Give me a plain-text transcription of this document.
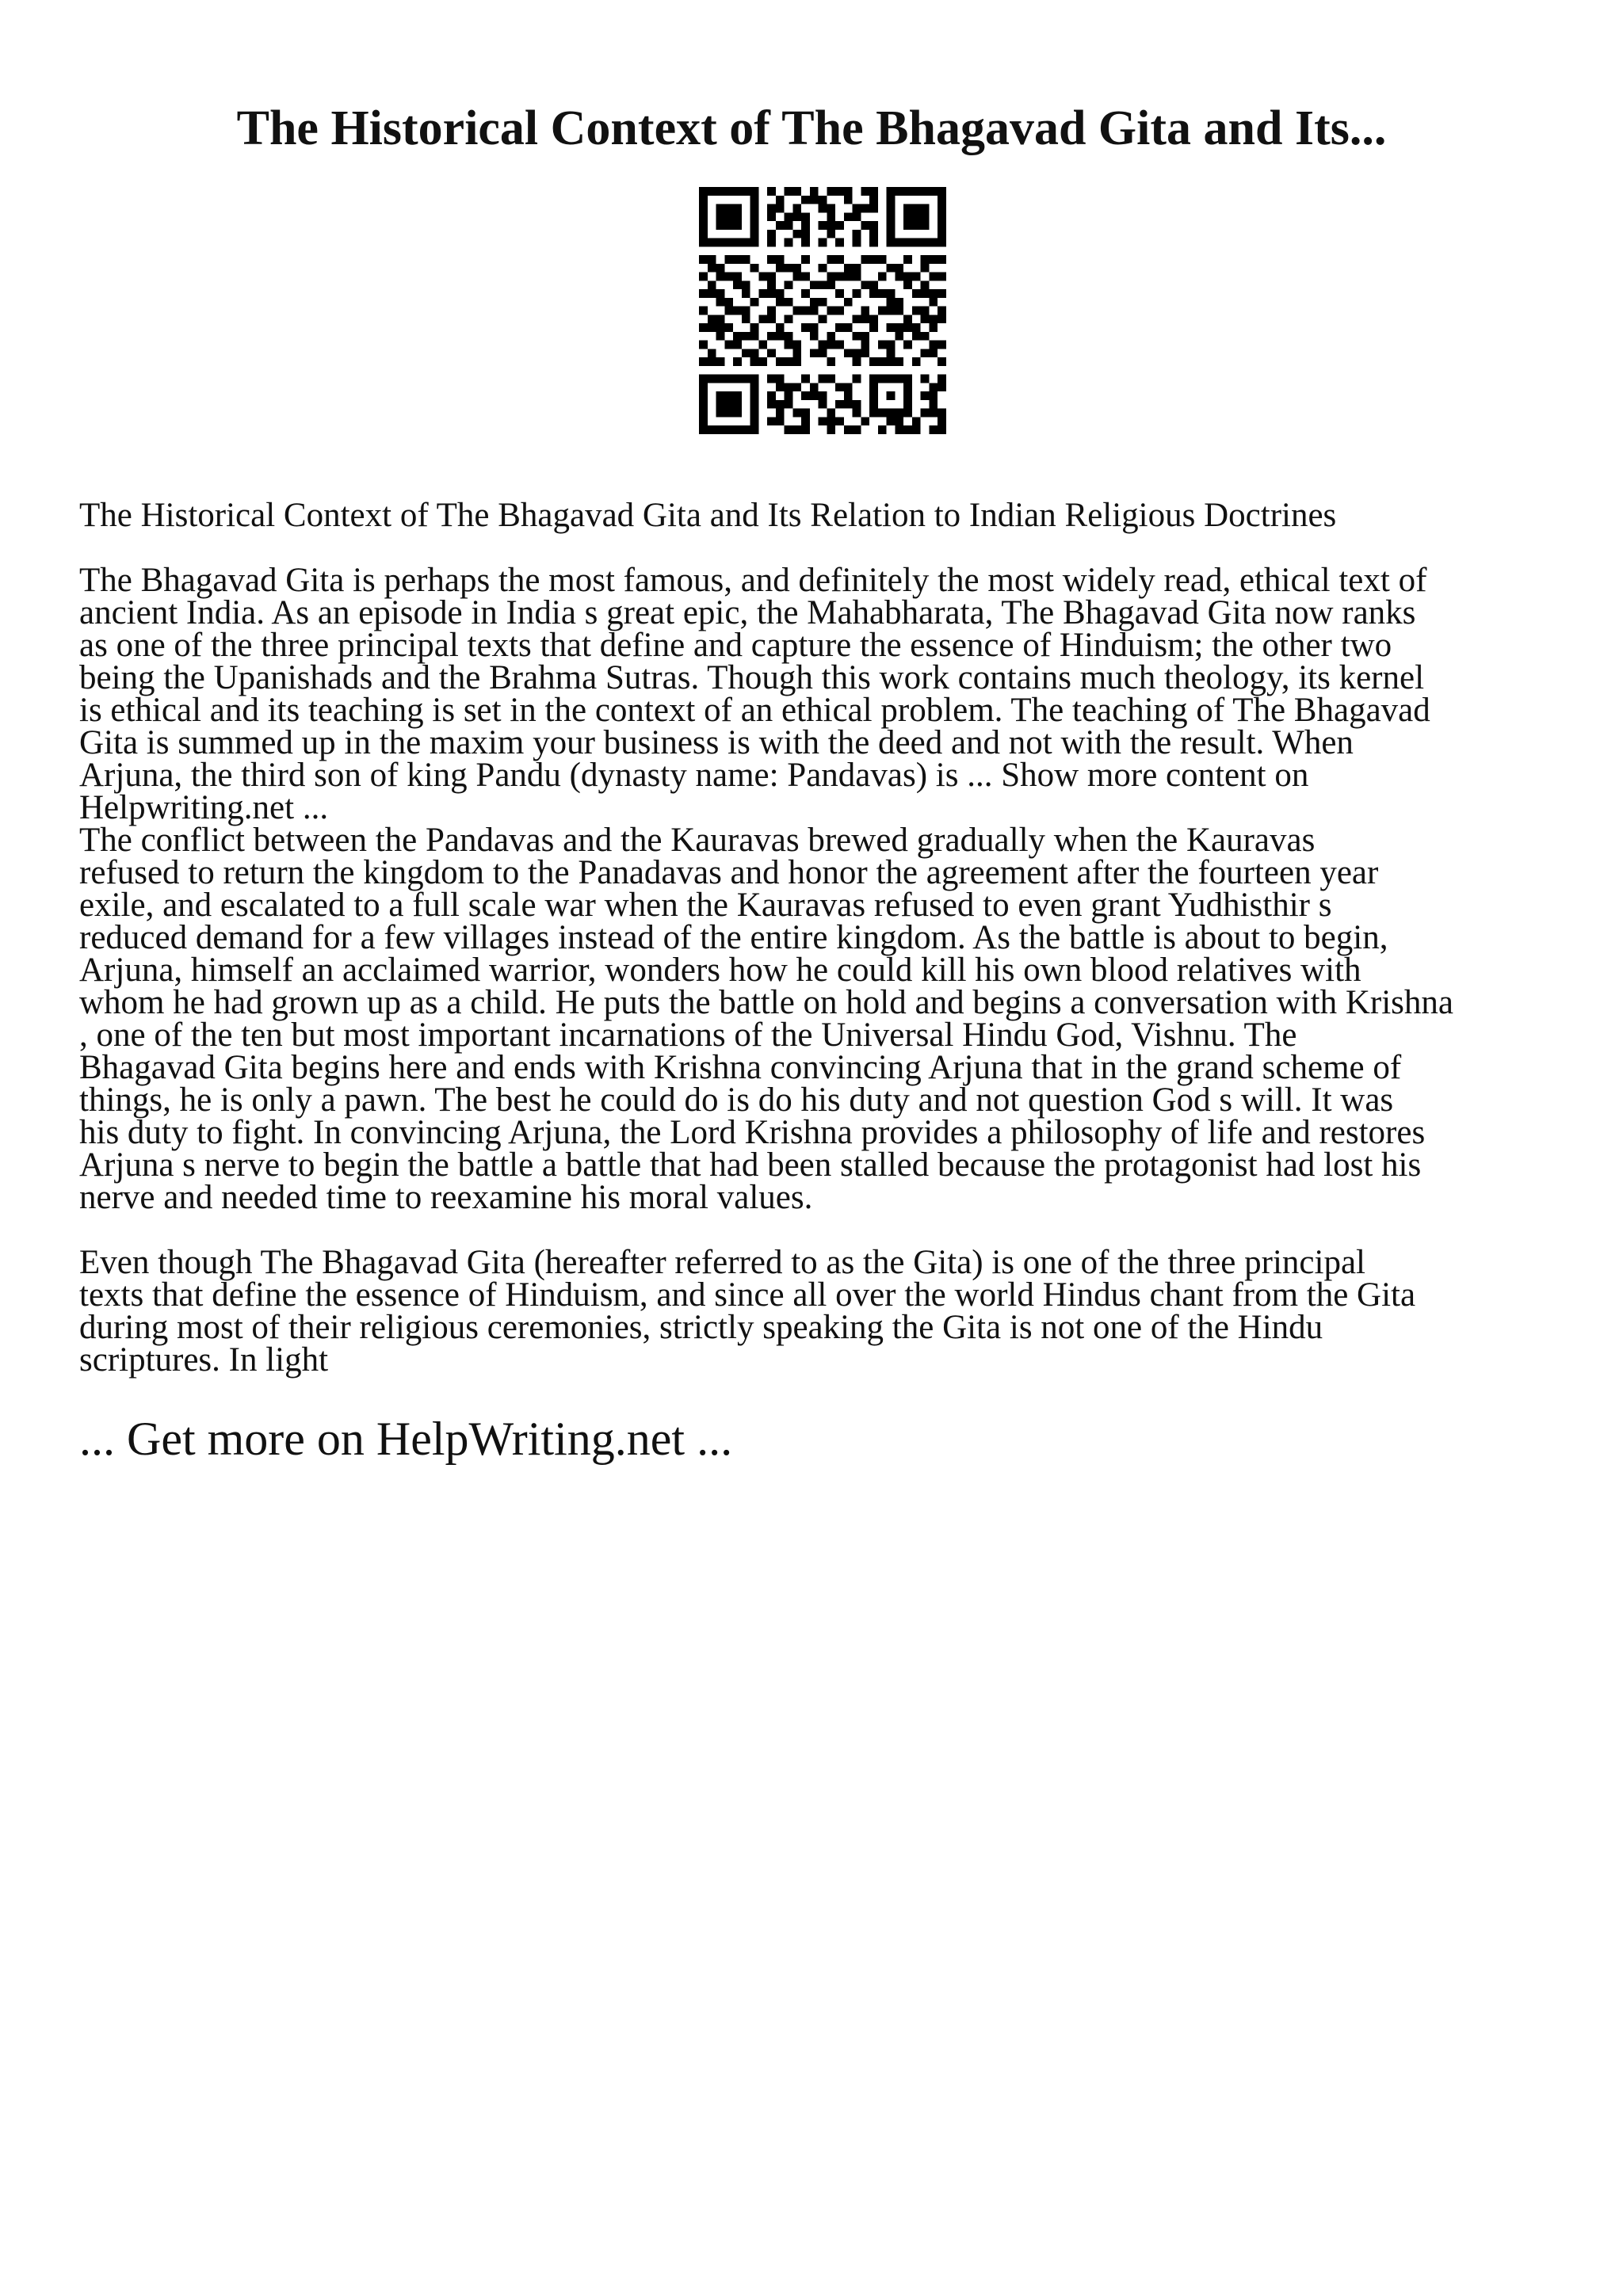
The Historical Context of The Bhagavad Gita and Its...

The Historical Context of The Bhagavad Gita and Its Relation to Indian Religious Doctrines

The Bhagavad Gita is perhaps the most famous, and definitely the most widely read, ethical text of
ancient India. As an episode in India s great epic, the Mahabharata, The Bhagavad Gita now ranks
as one of the three principal texts that define and capture the essence of Hinduism; the other two
being the Upanishads and the Brahma Sutras. Though this work contains much theology, its kernel
is ethical and its teaching is set in the context of an ethical problem. The teaching of The Bhagavad
Gita is summed up in the maxim your business is with the deed and not with the result. When
Arjuna, the third son of king Pandu (dynasty name: Pandavas) is ... Show more content on
Helpwriting.net ...

The conflict between the Pandavas and the Kauravas brewed gradually when the Kauravas
refused to return the kingdom to the Panadavas and honor the agreement after the fourteen year
exile, and escalated to a full scale war when the Kauravas refused to even grant Yudhisthir s
reduced demand for a few villages instead of the entire kingdom. As the battle is about to begin,
Arjuna, himself an acclaimed warrior, wonders how he could kill his own blood relatives with
whom he had grown up as a child. He puts the battle on hold and begins a conversation with Krishna
, one of the ten but most important incarnations of the Universal Hindu God, Vishnu. The
Bhagavad Gita begins here and ends with Krishna convincing Arjuna that in the grand scheme of
things, he is only a pawn. The best he could do is do his duty and not question God s will. It was
his duty to fight. In convincing Arjuna, the Lord Krishna provides a philosophy of life and restores
Arjuna s nerve to begin the battle a battle that had been stalled because the protagonist had lost his
nerve and needed time to reexamine his moral values.

Even though The Bhagavad Gita (hereafter referred to as the Gita) is one of the three principal
texts that define the essence of Hinduism, and since all over the world Hindus chant from the Gita
during most of their religious ceremonies, strictly speaking the Gita is not one of the Hindu
scriptures. In light

... Get more on HelpWriting.net ...
